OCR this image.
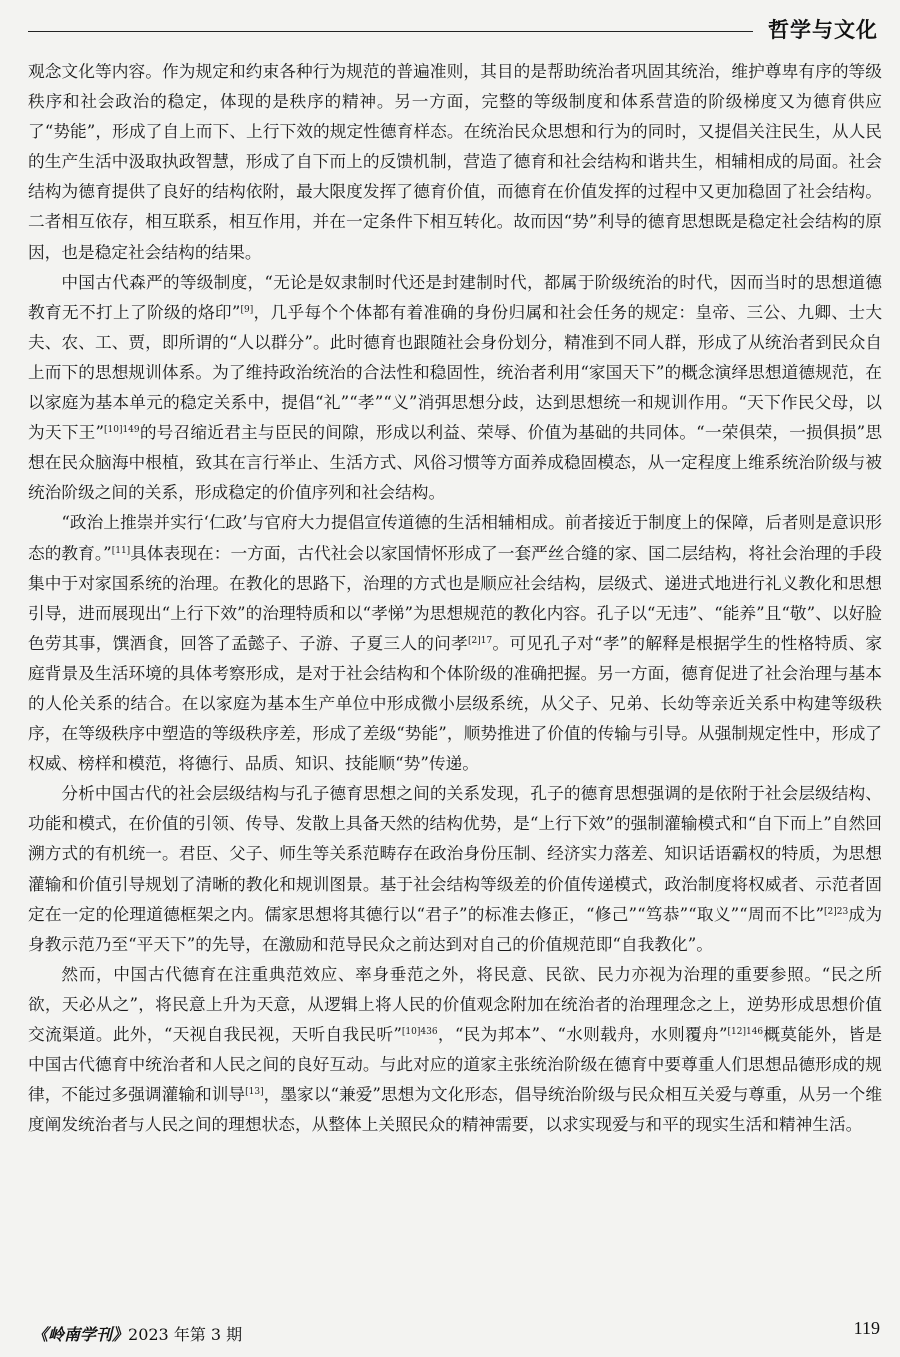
哲学与文化

观念文化等内容。作为规定和约束各种行为规范的普遍准则，其目的是帮助统治者巩固其统治，维护尊卑有序的等级秩序和社会政治的稳定，体现的是秩序的精神。另一方面，完整的等级制度和体系营造的阶级梯度又为德育供应了“势能”，形成了自上而下、上行下效的规定性德育样态。在统治民众思想和行为的同时，又提倡关注民生，从人民的生产生活中汲取执政智慧，形成了自下而上的反馈机制，营造了德育和社会结构和谐共生，相辅相成的局面。社会结构为德育提供了良好的结构依附，最大限度发挥了德育价值，而德育在价值发挥的过程中又更加稳固了社会结构。二者相互依存，相互联系，相互作用，并在一定条件下相互转化。故而因“势”利导的德育思想既是稳定社会结构的原因，也是稳定社会结构的结果。

中国古代森严的等级制度，“无论是奴隶制时代还是封建制时代，都属于阶级统治的时代，因而当时的思想道德教育无不打上了阶级的烙印”[9]，几乎每个个体都有着准确的身份归属和社会任务的规定：皇帝、三公、九卿、士大夫、农、工、贾，即所谓的“人以群分”。此时德育也跟随社会身份划分，精准到不同人群，形成了从统治者到民众自上而下的思想规训体系。为了维持政治统治的合法性和稳固性，统治者利用“家国天下”的概念演绎思想道德规范，在以家庭为基本单元的稳定关系中，提倡“礼”“孝”“义”消弭思想分歧，达到思想统一和规训作用。“天下作民父母，以为天下王”$^{[10]149}$的号召缩近君主与臣民的间隙，形成以利益、荣辱、价值为基础的共同体。“一荣俱荣，一损俱损”思想在民众脑海中根植，致其在言行举止、生活方式、风俗习惯等方面养成稳固模态，从一定程度上维系统治阶级与被统治阶级之间的关系，形成稳定的价值序列和社会结构。

“政治上推崇并实行‘仁政’与官府大力提倡宣传道德的生活相辅相成。前者接近于制度上的保障，后者则是意识形态的教育。”[11]具体表现在：一方面，古代社会以家国情怀形成了一套严丝合缝的家、国二层结构，将社会治理的手段集中于对家国系统的治理。在教化的思路下，治理的方式也是顺应社会结构，层级式、递进式地进行礼义教化和思想引导，进而展现出“上行下效”的治理特质和以“孝悌”为思想规范的教化内容。孔子以“无违”、“能养”且“敬”、以好脸色劳其事，馔酒食，回答了孟懿子、子游、子夏三人的问孝$^{[2]17}$。可见孔子对“孝”的解释是根据学生的性格特质、家庭背景及生活环境的具体考察形成，是对于社会结构和个体阶级的准确把握。另一方面，德育促进了社会治理与基本的人伦关系的结合。在以家庭为基本生产单位中形成微小层级系统，从父子、兄弟、长幼等亲近关系中构建等级秩序，在等级秩序中塑造的等级秩序差，形成了差级“势能”，顺势推进了价值的传输与引导。从强制规定性中，形成了权威、榜样和模范，将德行、品质、知识、技能顺“势”传递。

分析中国古代的社会层级结构与孔子德育思想之间的关系发现，孔子的德育思想强调的是依附于社会层级结构、功能和模式，在价值的引领、传导、发散上具备天然的结构优势，是“上行下效”的强制灌输模式和“自下而上”自然回溯方式的有机统一。君臣、父子、师生等关系范畴存在政治身份压制、经济实力落差、知识话语霸权的特质，为思想灌输和价值引导规划了清晰的教化和规训图景。基于社会结构等级差的价值传递模式，政治制度将权威者、示范者固定在一定的伦理道德框架之内。儒家思想将其德行以“君子”的标准去修正，“修己”“笃恭”“取义”“周而不比”$^{[2]23}$成为身教示范乃至“平天下”的先导，在激励和范导民众之前达到对自己的价值规范即“自我教化”。

然而，中国古代德育在注重典范效应、率身垂范之外，将民意、民欲、民力亦视为治理的重要参照。“民之所欲，天必从之”，将民意上升为天意，从逻辑上将人民的价值观念附加在统治者的治理理念之上，逆势形成思想价值交流渠道。此外，“天视自我民视，天听自我民听”$^{[10]436}$，“民为邦本”、“水则载舟，水则覆舟”$^{[12]146}$概莫能外，皆是中国古代德育中统治者和人民之间的良好互动。与此对应的道家主张统治阶级在德育中要尊重人们思想品德形成的规律，不能过多强调灌输和训导[13]，墨家以“兼爱”思想为文化形态，倡导统治阶级与民众相互关爱与尊重，从另一个维度阐发统治者与人民之间的理想状态，从整体上关照民众的精神需要，以求实现爱与和平的现实生活和精神生活。

《岭南学刊》2023 年第 3 期	119
